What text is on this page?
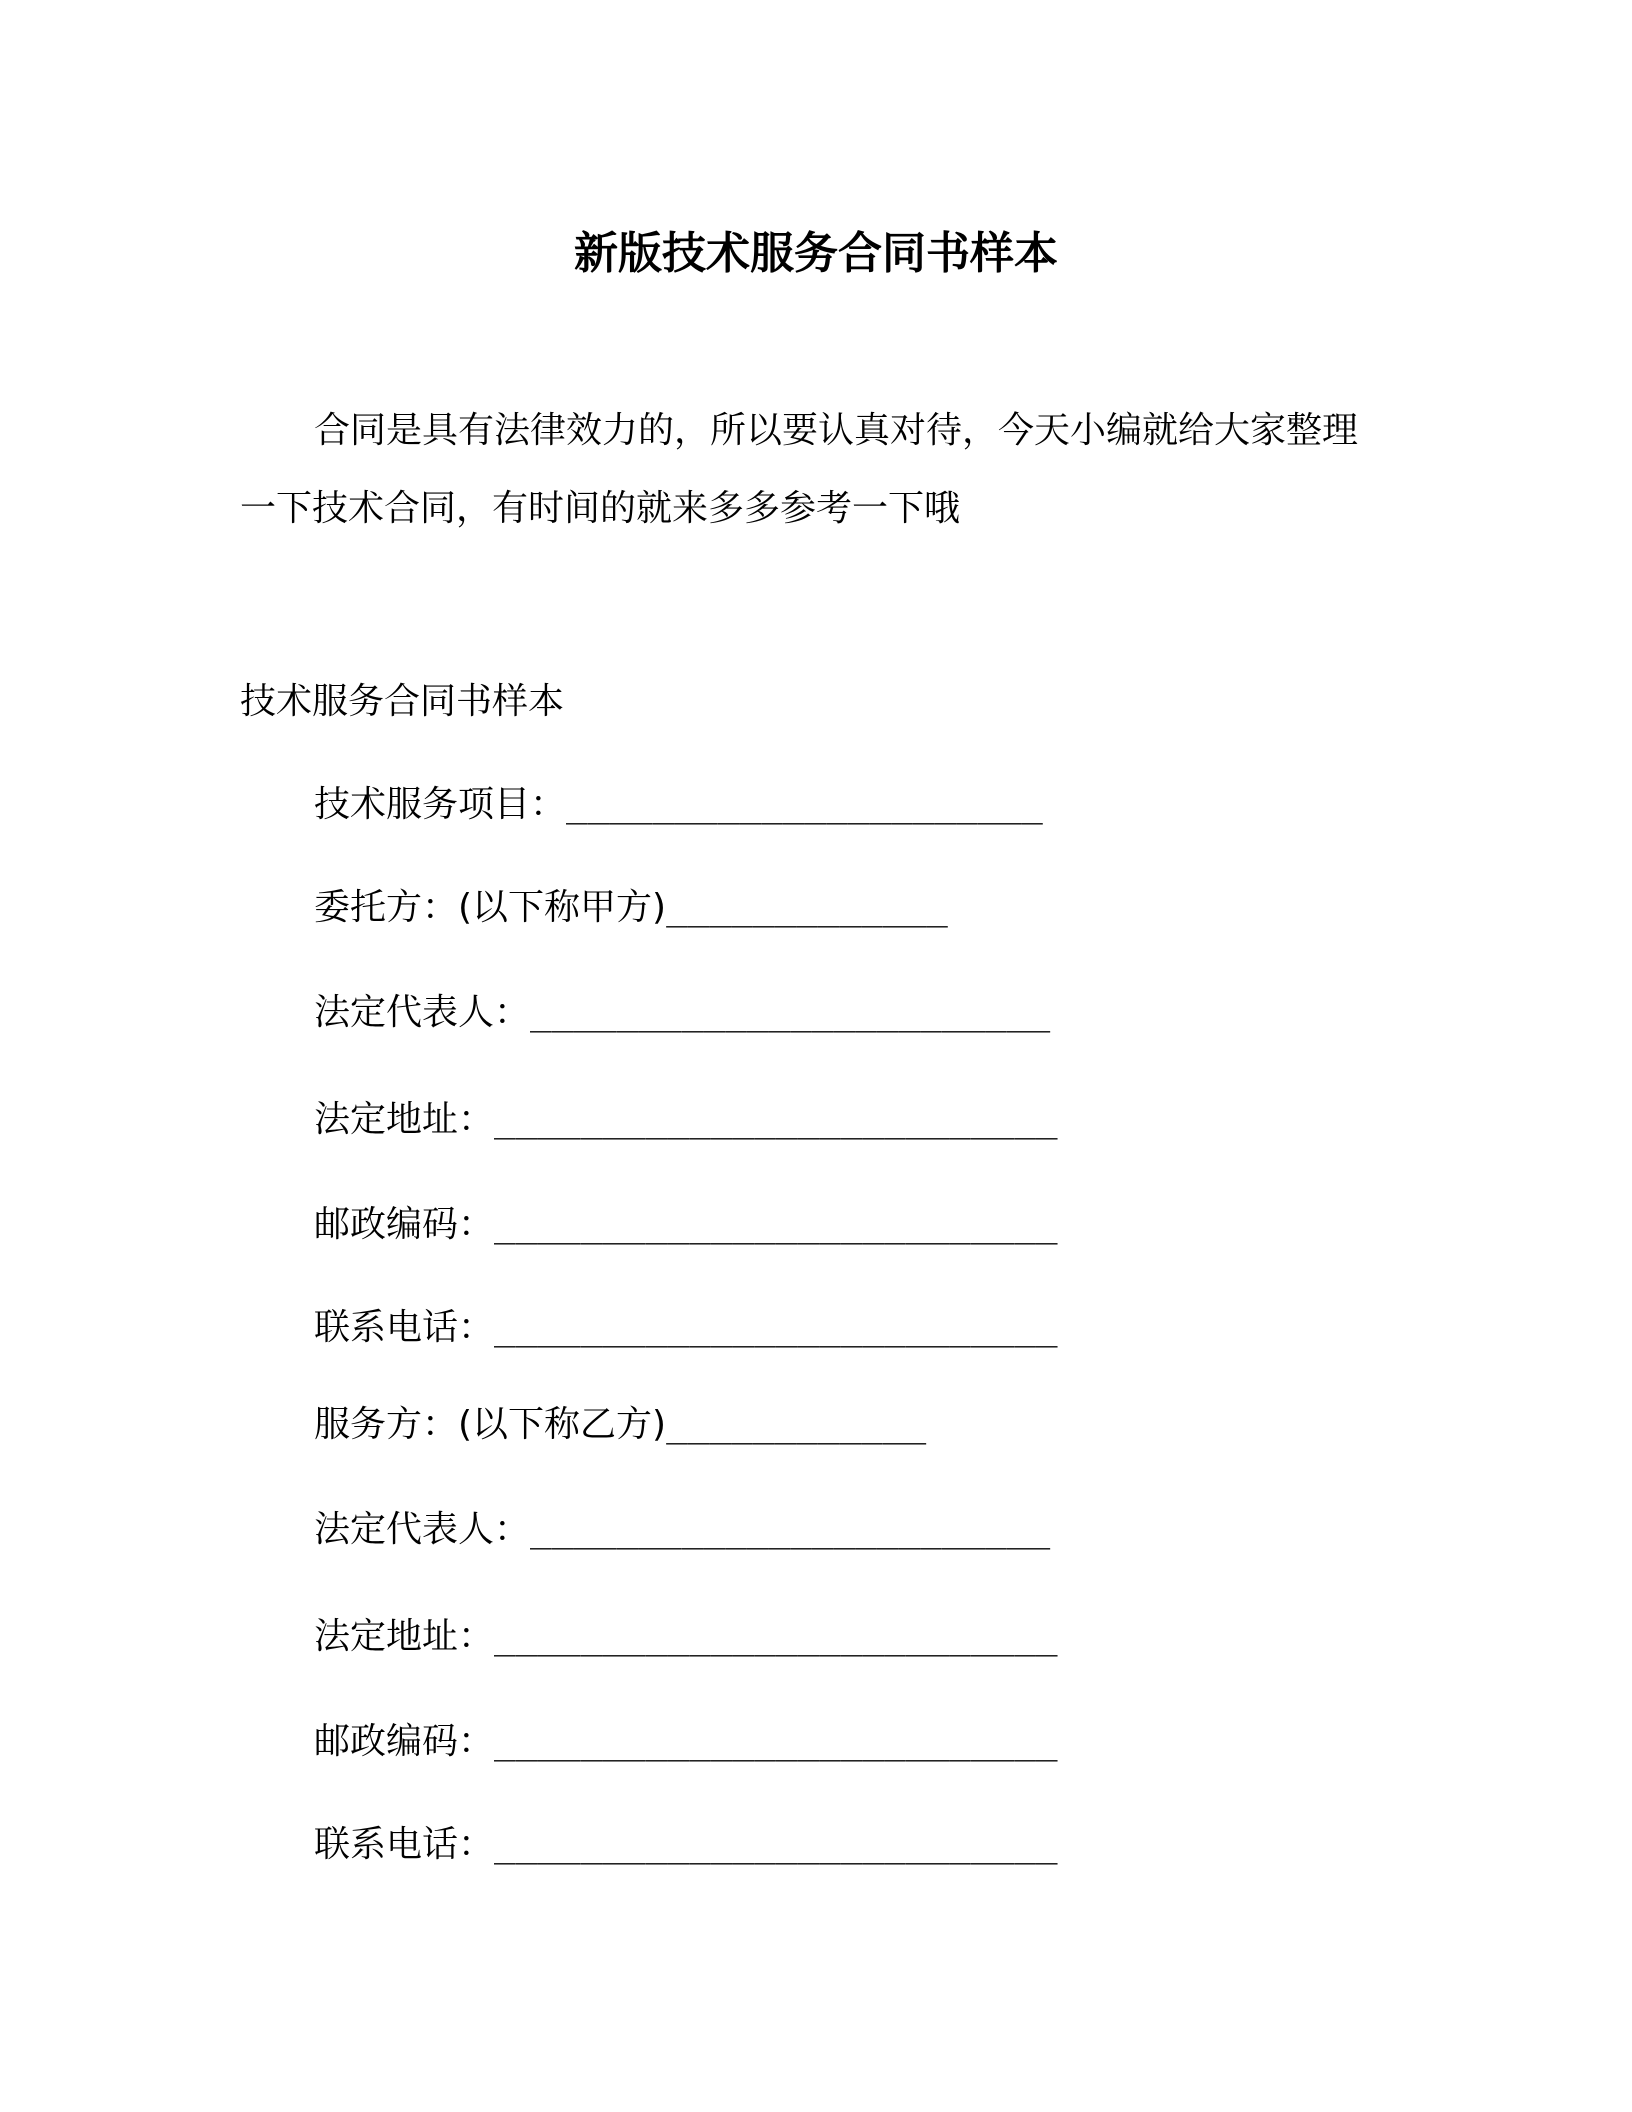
新版技术服务合同书样本

合同是具有法律效力的，所以要认真对待，今天小编就给大家整理一下技术合同，有时间的就来多多参考一下哦

技术服务合同书样本
技术服务项目：______________________
委托方：(以下称甲方)_____________
法定代表人：________________________
法定地址：__________________________
邮政编码：__________________________
联系电话：__________________________
服务方：(以下称乙方)____________
法定代表人：________________________
法定地址：__________________________
邮政编码：__________________________
联系电话：__________________________
